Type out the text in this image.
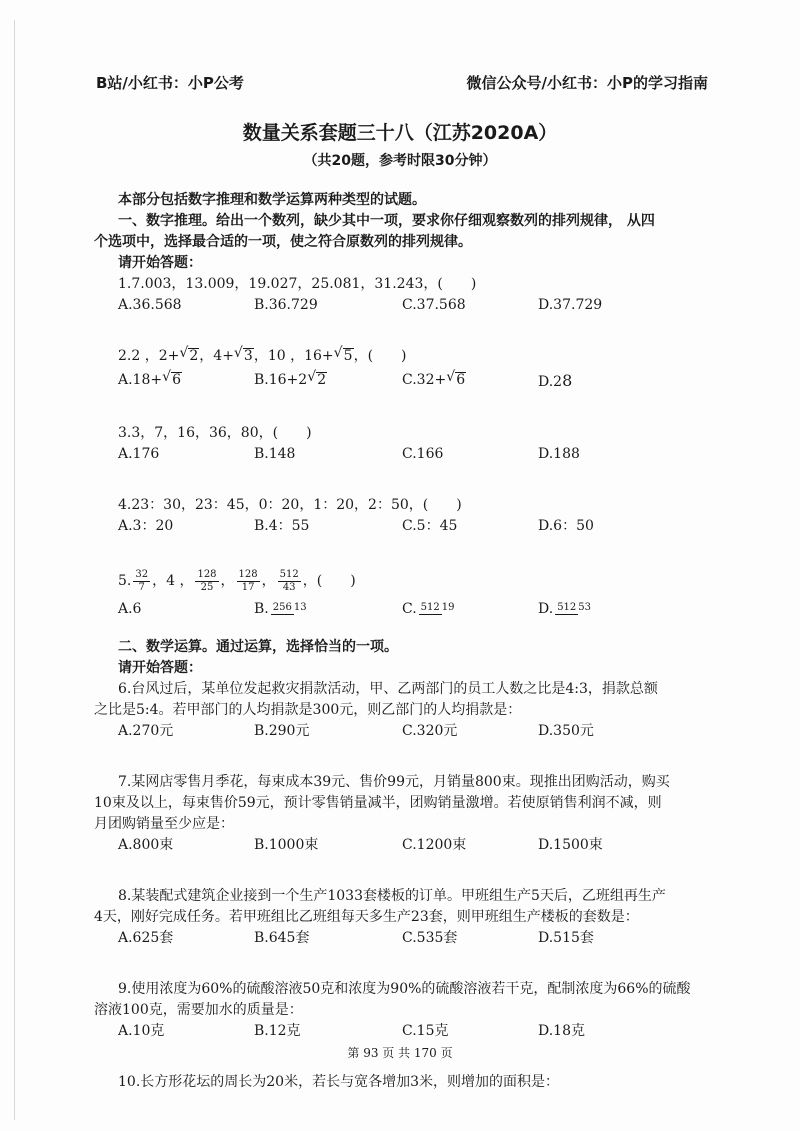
B站/小红书：小P公考	微信公众号/小红书：小P的学习指南
数量关系套题三十八（江苏2020A）
（共20题，参考时限30分钟）
本部分包括数字推理和数学运算两种类型的试题。
一、数字推理。给出一个数列，缺少其中一项，要求你仔细观察数列的排列规律， 从四
个选项中，选择最合适的一项，使之符合原数列的排列规律。
请开始答题：
1.7.003，13.009，19.027，25.081，31.243，(　　)
A.36.568	B.36.729	C.37.568	D.37.729
2.2 ，2+ √ 2，4+ √ 3，10 ，16+ √ 5，(　　)
A.18+ √ 6	B.16+2 √ 2	C.32+ √ 6	D.28
3.3，7，16，36，80，(　　)
A.176	B.148	C.166	D.188
4.23：30，23：45，0：20，1：20，2：50，(　　)
A.3：20	B.4：55	C.5：45	D.6：50
5. $\frac{32}{7}$ ，4 ， $\frac{128}{25}$ ， $\frac{128}{17}$ ， $\frac{512}{43}$ ，(　　)
A.6	B. 256 13	C. 512 19	D. 512 53
二、数学运算。通过运算，选择恰当的一项。
请开始答题：
6.台风过后，某单位发起救灾捐款活动，甲、乙两部门的员工人数之比是4:3，捐款总额
之比是5:4。若甲部门的人均捐款是300元，则乙部门的人均捐款是：
A.270元	B.290元	C.320元	D.350元
7.某网店零售月季花，每束成本39元、售价99元，月销量800束。现推出团购活动，购买
10束及以上，每束售价59元，预计零售销量减半，团购销量激增。若使原销售利润不减，则
月团购销量至少应是：
A.800束	B.1000束	C.1200束	D.1500束
8.某装配式建筑企业接到一个生产1033套楼板的订单。甲班组生产5天后，乙班组再生产
4天，刚好完成任务。若甲班组比乙班组每天多生产23套，则甲班组生产楼板的套数是：
A.625套	B.645套	C.535套	D.515套
9.使用浓度为60%的硫酸溶液50克和浓度为90%的硫酸溶液若干克，配制浓度为66%的硫酸
溶液100克，需要加水的质量是：
A.10克	B.12克	C.15克	D.18克
10.长方形花坛的周长为20米，若长与宽各增加3米，则增加的面积是：
第 93 页 共 170 页
